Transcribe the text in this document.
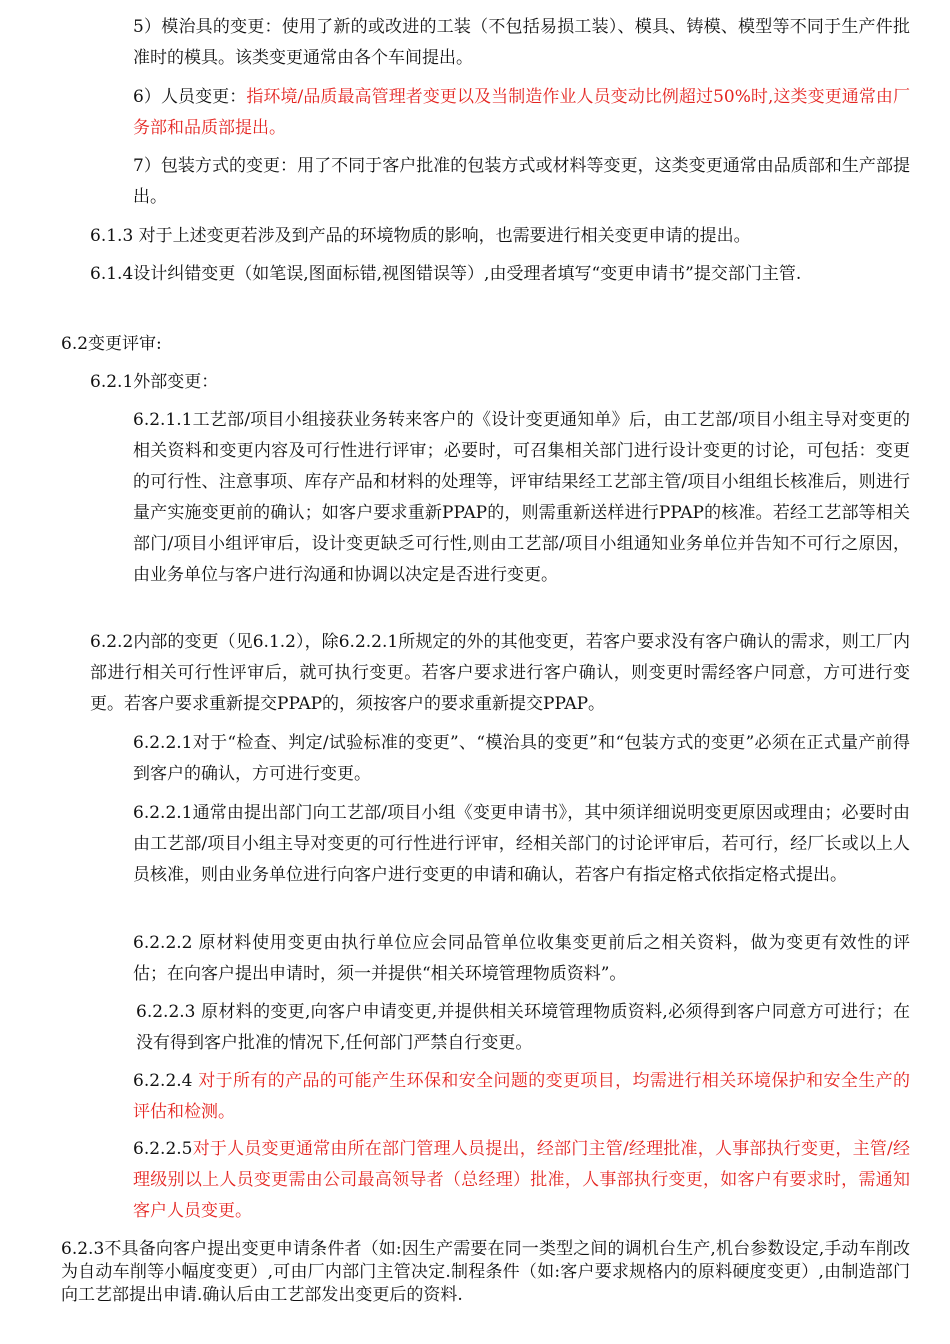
5）模治具的变更：使用了新的或改进的工装（不包括易损工装）、模具、铸模、模型等不同于生产件批准时的模具。该类变更通常由各个车间提出。

6）人员变更：指环境/品质最高管理者变更以及当制造作业人员变动比例超过50%时,这类变更通常由厂务部和品质部提出。

7）包装方式的变更：用了不同于客户批准的包装方式或材料等变更，这类变更通常由品质部和生产部提出。

6.1.3 对于上述变更若涉及到产品的环境物质的影响，也需要进行相关变更申请的提出。

6.1.4设计纠错变更（如笔误,图面标错,视图错误等）,由受理者填写“变更申请书”提交部门主管.

6.2变更评审:

6.2.1外部变更：

6.2.1.1工艺部/项目小组接获业务转来客户的《设计变更通知单》后，由工艺部/项目小组主导对变更的相关资料和变更内容及可行性进行评审；必要时，可召集相关部门进行设计变更的讨论，可包括：变更的可行性、注意事项、库存产品和材料的处理等，评审结果经工艺部主管/项目小组组长核准后，则进行量产实施变更前的确认；如客户要求重新PPAP的，则需重新送样进行PPAP的核准。若经工艺部等相关部门/项目小组评审后，设计变更缺乏可行性,则由工艺部/项目小组通知业务单位并告知不可行之原因，由业务单位与客户进行沟通和协调以决定是否进行变更。

6.2.2内部的变更（见6.1.2），除6.2.2.1所规定的外的其他变更，若客户要求没有客户确认的需求，则工厂内部进行相关可行性评审后，就可执行变更。若客户要求进行客户确认，则变更时需经客户同意，方可进行变更。若客户要求重新提交PPAP的，须按客户的要求重新提交PPAP。

6.2.2.1对于“检查、判定/试验标准的变更”、“模治具的变更”和“包装方式的变更”必须在正式量产前得到客户的确认，方可进行变更。

6.2.2.1通常由提出部门向工艺部/项目小组《变更申请书》，其中须详细说明变更原因或理由；必要时由由工艺部/项目小组主导对变更的可行性进行评审，经相关部门的讨论评审后，若可行，经厂长或以上人员核准，则由业务单位进行向客户进行变更的申请和确认，若客户有指定格式依指定格式提出。

6.2.2.2 原材料使用变更由执行单位应会同品管单位收集变更前后之相关资料，做为变更有效性的评估；在向客户提出申请时，须一并提供“相关环境管理物质资料”。

6.2.2.3 原材料的变更,向客户申请变更,并提供相关环境管理物质资料,必须得到客户同意方可进行；在没有得到客户批准的情况下,任何部门严禁自行变更。

6.2.2.4 对于所有的产品的可能产生环保和安全问题的变更项目，均需进行相关环境保护和安全生产的评估和检测。

6.2.2.5对于人员变更通常由所在部门管理人员提出，经部门主管/经理批准，人事部执行变更，主管/经理级别以上人员变更需由公司最高领导者（总经理）批准，人事部执行变更，如客户有要求时，需通知客户人员变更。

6.2.3不具备向客户提出变更申请条件者（如:因生产需要在同一类型之间的调机台生产,机台参数设定,手动车削改为自动车削等小幅度变更）,可由厂内部门主管决定.制程条件（如:客户要求规格内的原料硬度变更）,由制造部门向工艺部提出申请.确认后由工艺部发出变更后的资料.
